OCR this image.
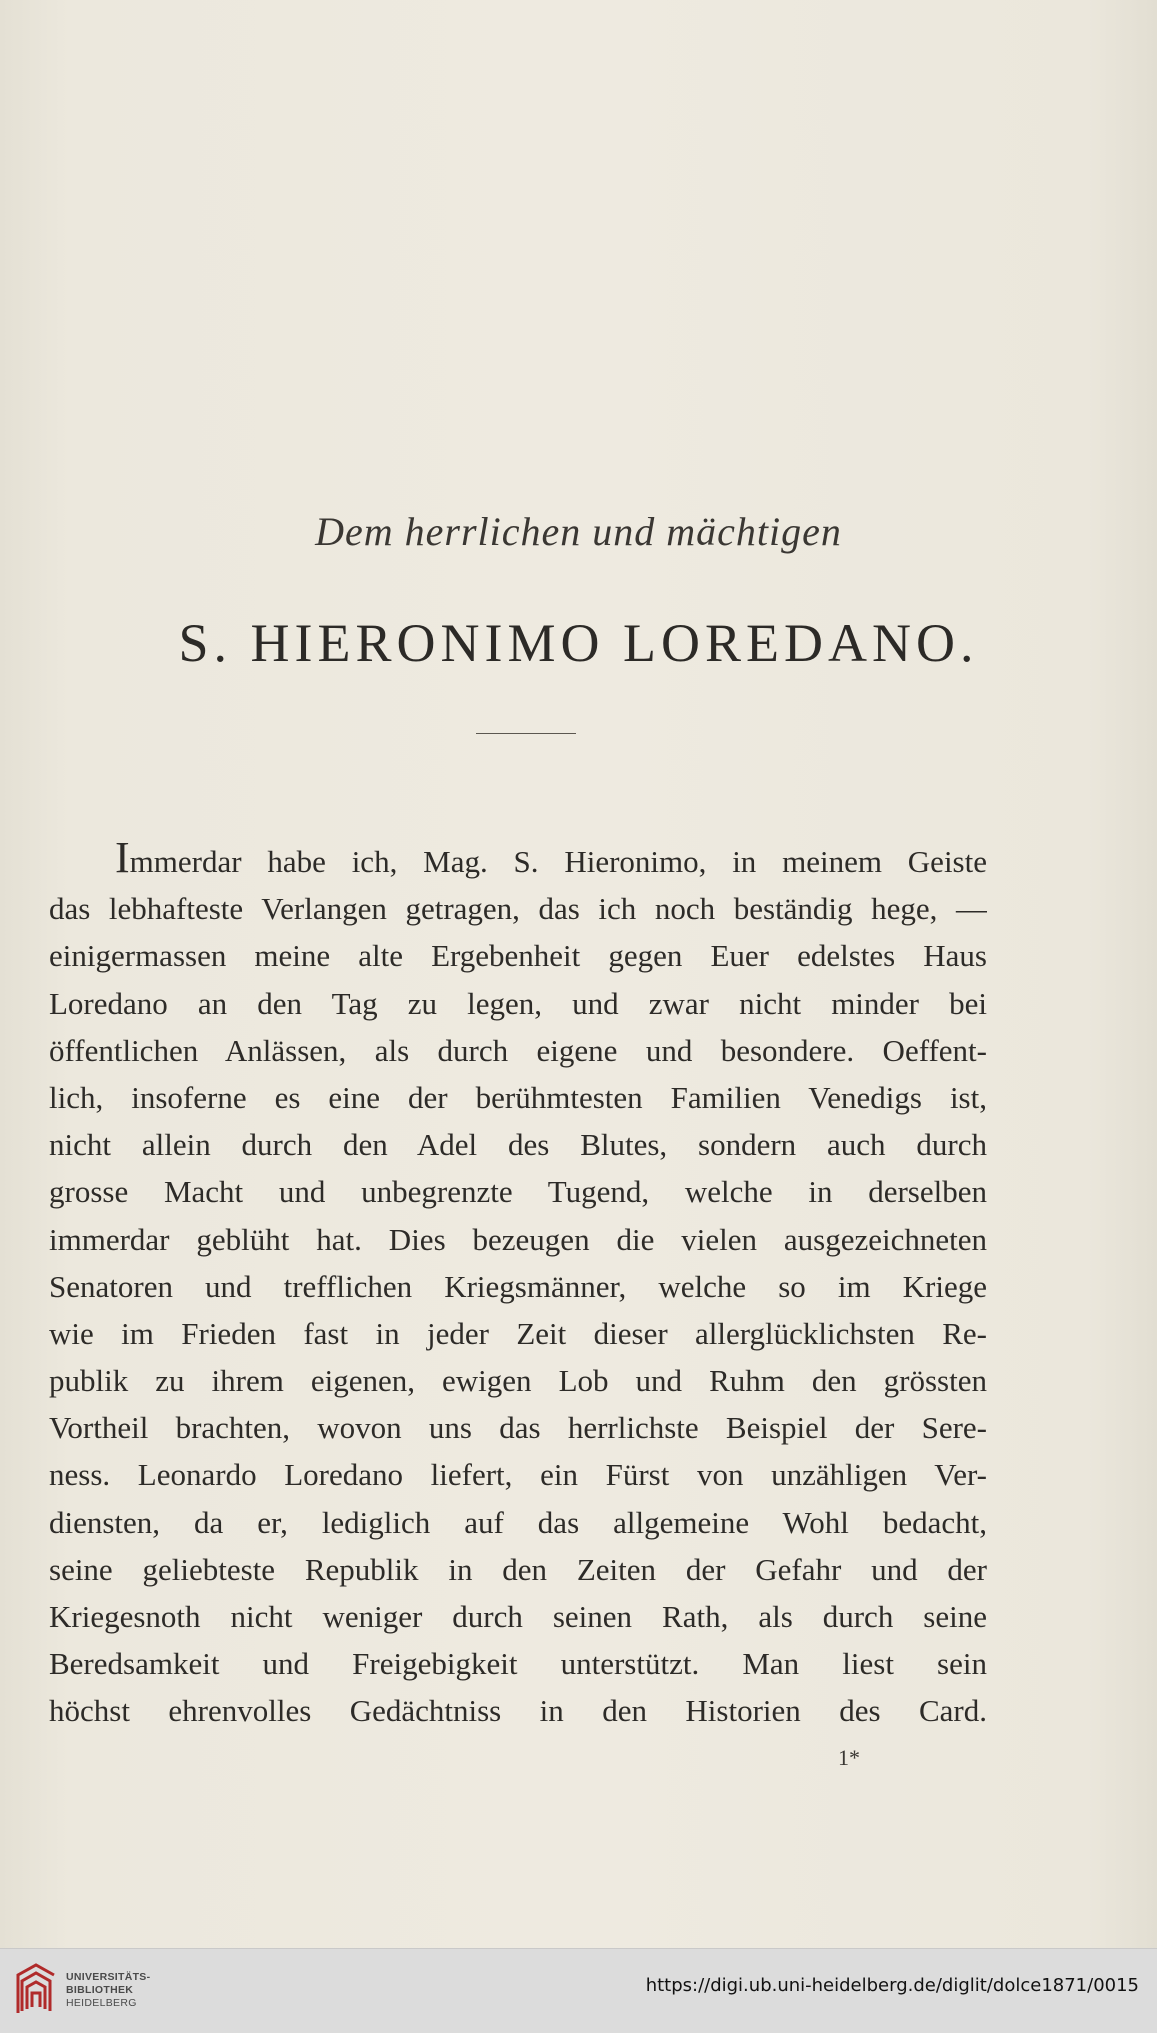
Dem herrlichen und mächtigen
S. HIERONIMO LOREDANO.
Immerdar habe ich, Mag. S. Hieronimo, in meinem Geiste
das lebhafteste Verlangen getragen, das ich noch beständig hege, —
einigermassen meine alte Ergebenheit gegen Euer edelstes Haus
Loredano an den Tag zu legen, und zwar nicht minder bei
öffentlichen Anlässen, als durch eigene und besondere. Oeffent-
lich, insoferne es eine der berühmtesten Familien Venedigs ist,
nicht allein durch den Adel des Blutes, sondern auch durch
grosse Macht und unbegrenzte Tugend, welche in derselben
immerdar geblüht hat. Dies bezeugen die vielen ausgezeichneten
Senatoren und trefflichen Kriegsmänner, welche so im Kriege
wie im Frieden fast in jeder Zeit dieser allerglücklichsten Re-
publik zu ihrem eigenen, ewigen Lob und Ruhm den grössten
Vortheil brachten, wovon uns das herrlichste Beispiel der Sere-
ness. Leonardo Loredano liefert, ein Fürst von unzähligen Ver-
diensten, da er, lediglich auf das allgemeine Wohl bedacht,
seine geliebteste Republik in den Zeiten der Gefahr und der
Kriegesnoth nicht weniger durch seinen Rath, als durch seine
Beredsamkeit und Freigebigkeit unterstützt. Man liest sein
höchst ehrenvolles Gedächtniss in den Historien des Card.
1*
UNIVERSITÄTS-
BIBLIOTHEK
HEIDELBERG
https://digi.ub.uni-heidelberg.de/diglit/dolce1871/0015
